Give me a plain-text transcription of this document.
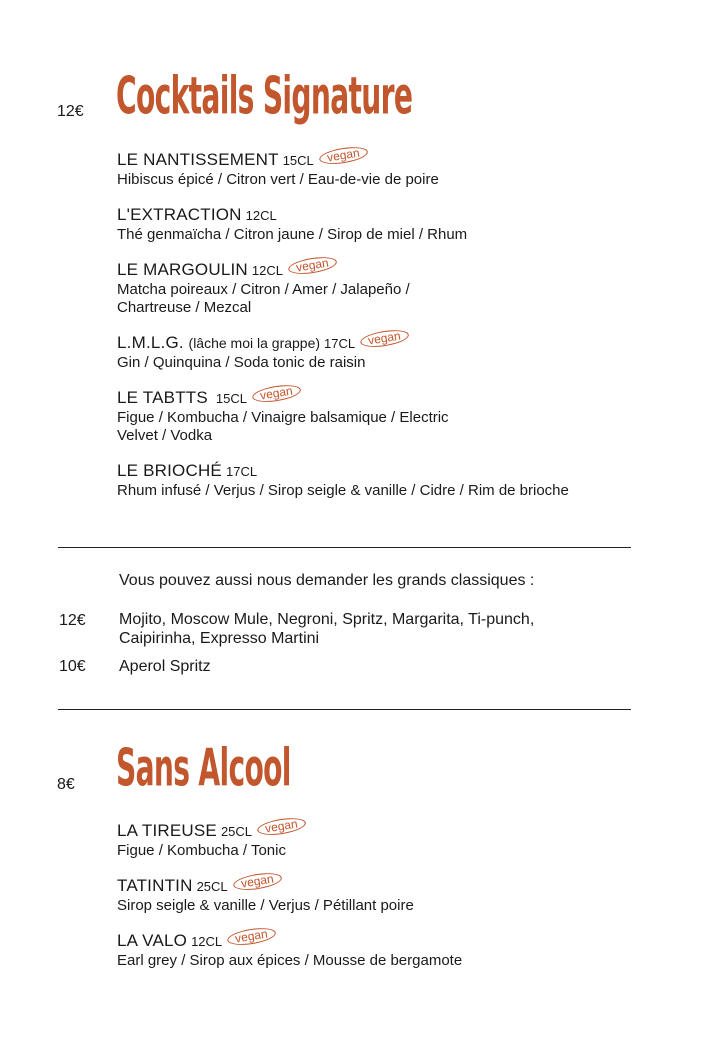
12€ Cocktails Signature
LE NANTISSEMENT 15CL vegan
Hibiscus épicé / Citron vert / Eau-de-vie de poire
L'EXTRACTION 12CL
Thé genmaïcha / Citron jaune / Sirop de miel / Rhum
LE MARGOULIN 12CL vegan
Matcha poireaux / Citron / Amer / Jalapeño / Chartreuse / Mezcal
L.M.L.G. (lâche moi la grappe) 17CL vegan
Gin / Quinquina / Soda tonic de raisin
LE TABTTS 15CL vegan
Figue / Kombucha / Vinaigre balsamique / Electric Velvet / Vodka
LE BRIOCHÉ 17CL
Rhum infusé / Verjus / Sirop seigle & vanille / Cidre / Rim de brioche
Vous pouvez aussi nous demander les grands classiques :
12€ Mojito, Moscow Mule, Negroni, Spritz, Margarita, Ti-punch, Caipirinha, Expresso Martini
10€ Aperol Spritz
8€ Sans Alcool
LA TIREUSE 25CL vegan
Figue / Kombucha / Tonic
TATINTIN 25CL vegan
Sirop seigle & vanille / Verjus / Pétillant poire
LA VALO 12CL vegan
Earl grey / Sirop aux épices / Mousse de bergamote
